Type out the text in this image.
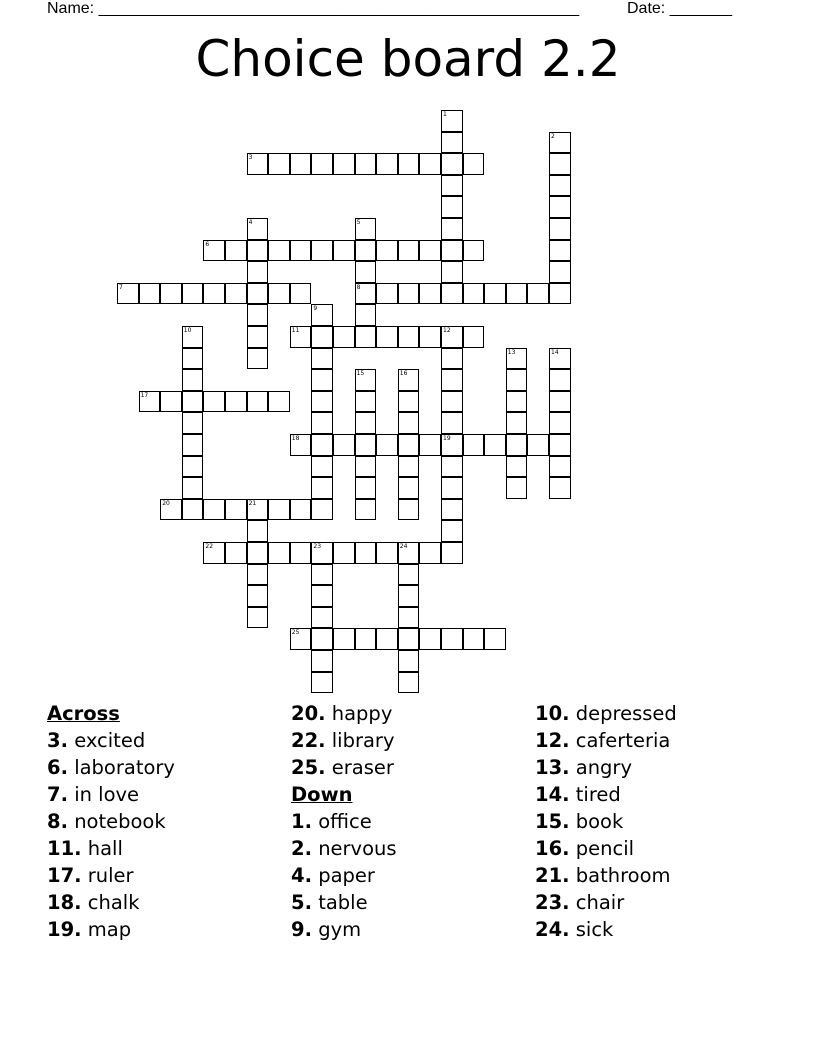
Name: ______________________________________________________	Date: _______
Choice board 2.2
1
2
3
4	5
8
6
7
9
10	11	12
19
13	14
15	16
17
18
20	21
22	23	24
25
Across
3. excited
6. laboratory
7. in love
8. notebook
11. hall
17. ruler
18. chalk
19. map
20. happy
22. library
25. eraser
Down
1. office
2. nervous
4. paper
5. table
9. gym
10. depressed
12. caferteria
13. angry
14. tired
15. book
16. pencil
21. bathroom
23. chair
24. sick
